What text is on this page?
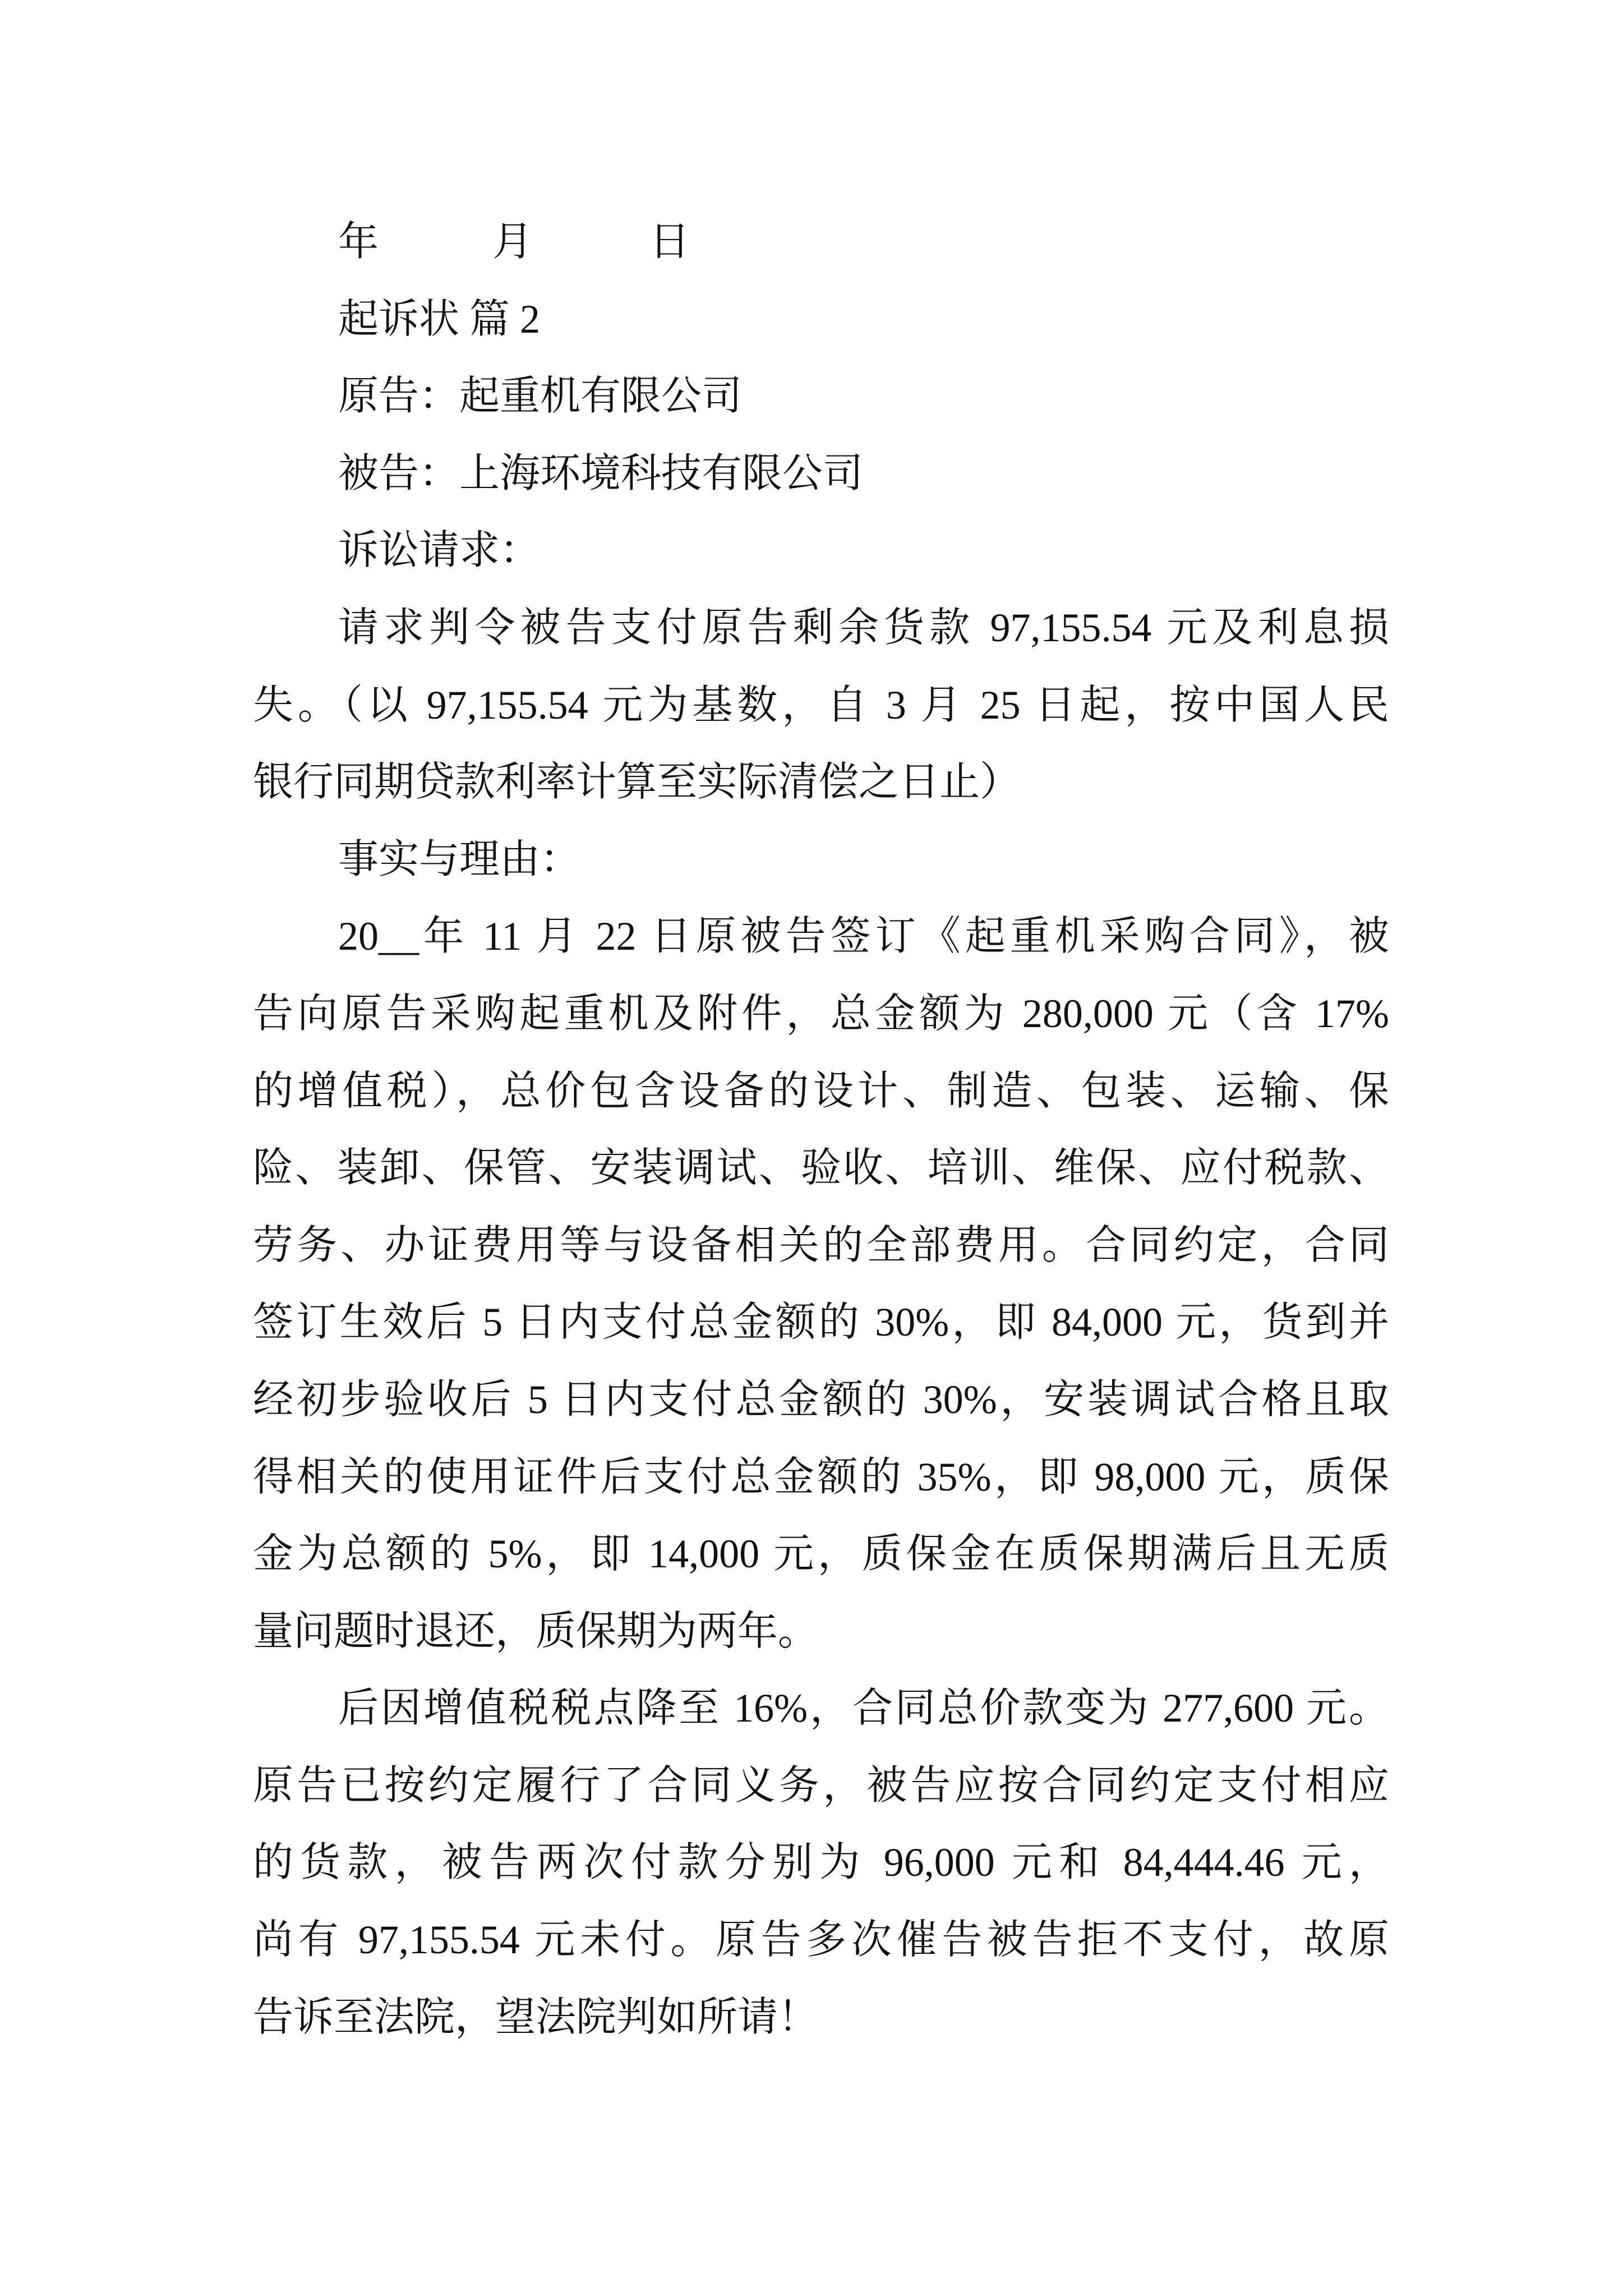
年	月	日
起诉状 篇 2
原告：起重机有限公司
被告：上海环境科技有限公司
诉讼请求：
请求判令被告支付原告剩余货款 97,155.54 元及利息损
失。（以 97,155.54 元为基数，自 3 月 25 日起，按中国人民
银行同期贷款利率计算至实际清偿之日止）
事实与理由：
20__年 11 月 22 日原被告签订《起重机采购合同》，被
告向原告采购起重机及附件，总金额为 280,000 元（含 17%
的增值税），总价包含设备的设计、制造、包装、运输、保
险、装卸、保管、安装调试、验收、培训、维保、应付税款、
劳务、办证费用等与设备相关的全部费用。合同约定，合同
签订生效后 5 日内支付总金额的 30%，即 84,000 元，货到并
经初步验收后 5 日内支付总金额的 30%，安装调试合格且取
得相关的使用证件后支付总金额的 35%，即 98,000 元，质保
金为总额的 5%，即 14,000 元，质保金在质保期满后且无质
量问题时退还，质保期为两年。
后因增值税税点降至 16%，合同总价款变为 277,600 元。
原告已按约定履行了合同义务，被告应按合同约定支付相应
的货款，被告两次付款分别为 96,000 元和 84,444.46 元，
尚有 97,155.54 元未付。原告多次催告被告拒不支付，故原
告诉至法院，望法院判如所请！
